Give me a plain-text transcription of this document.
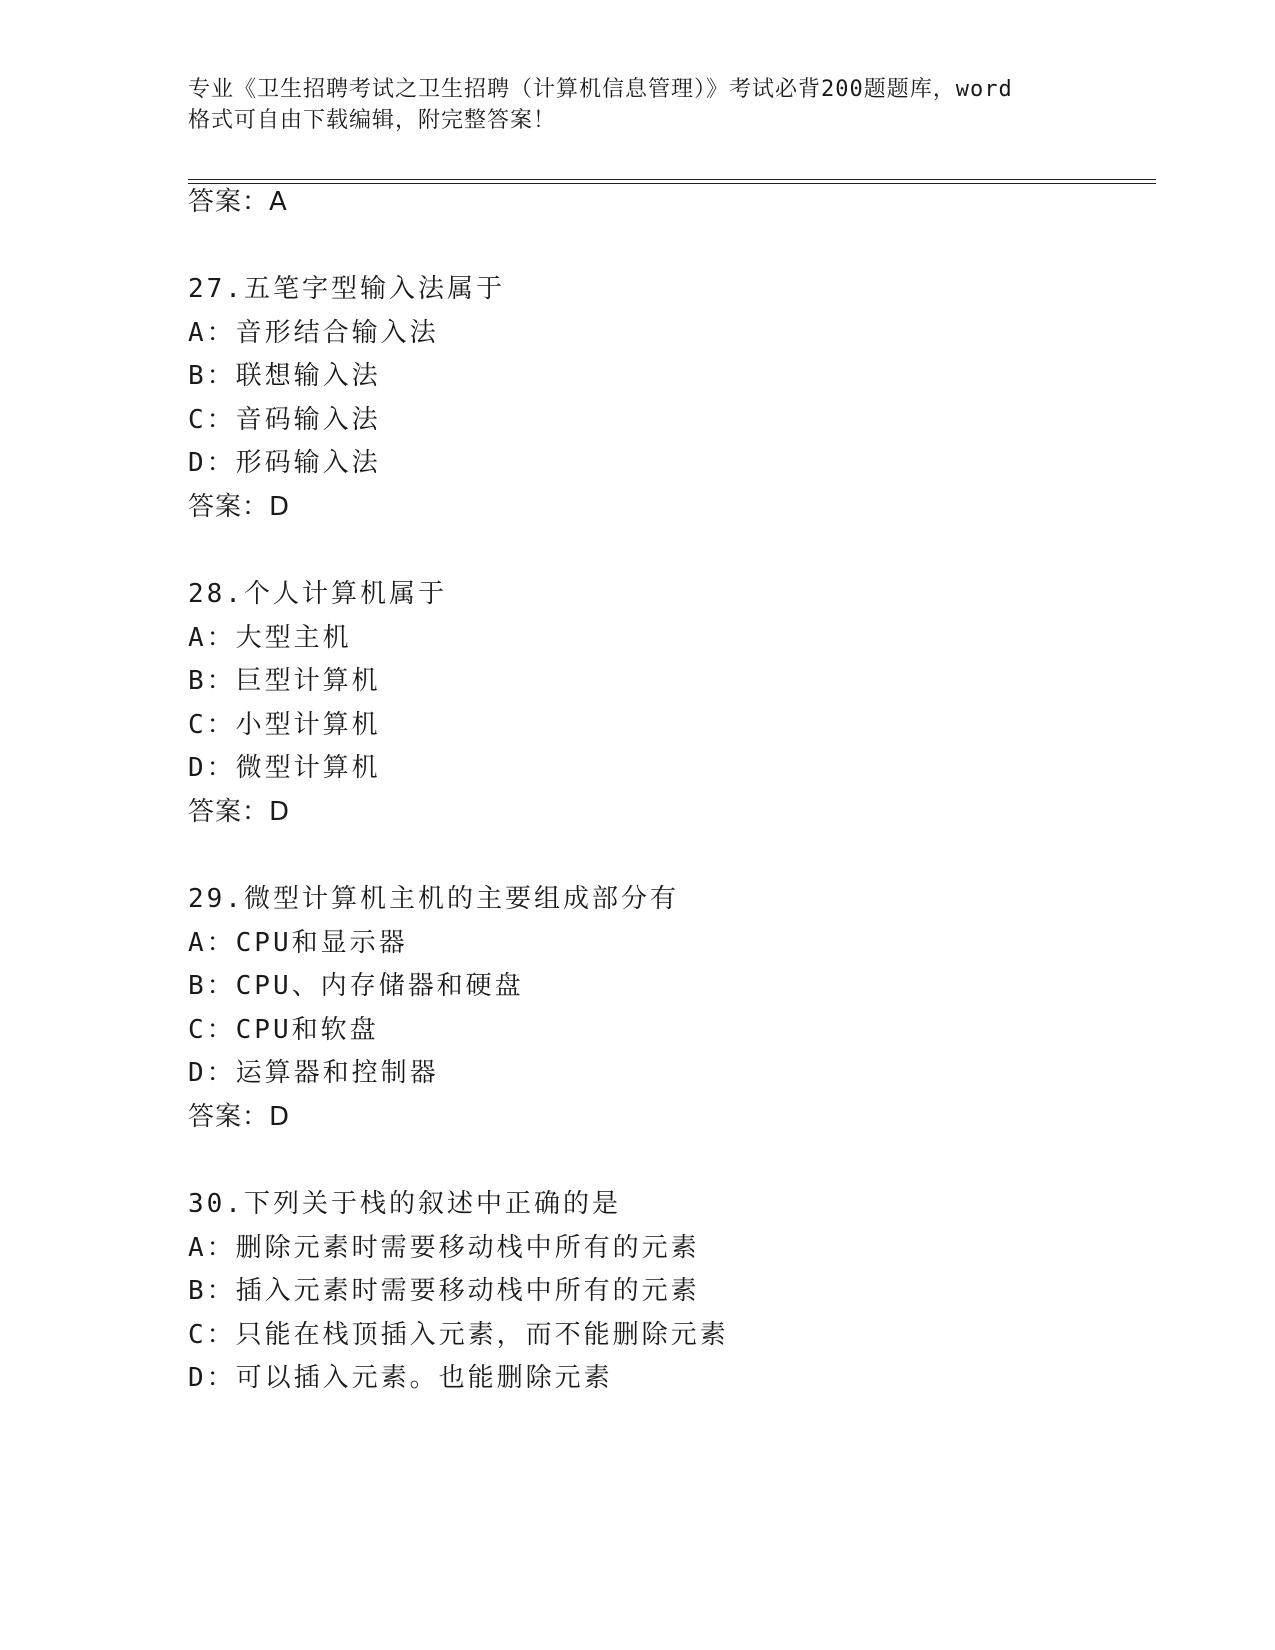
专业《卫生招聘考试之卫生招聘（计算机信息管理）》考试必背200题题库，word
格式可自由下载编辑，附完整答案！
答案：A
27.五笔字型输入法属于
A：音形结合输入法
B：联想输入法
C：音码输入法
D：形码输入法
答案：D
28.个人计算机属于
A：大型主机
B：巨型计算机
C：小型计算机
D：微型计算机
答案：D
29.微型计算机主机的主要组成部分有
A：CPU和显示器
B：CPU、内存储器和硬盘
C：CPU和软盘
D：运算器和控制器
答案：D
30.下列关于栈的叙述中正确的是
A：删除元素时需要移动栈中所有的元素
B：插入元素时需要移动栈中所有的元素
C：只能在栈顶插入元素，而不能删除元素
D：可以插入元素。也能删除元素
